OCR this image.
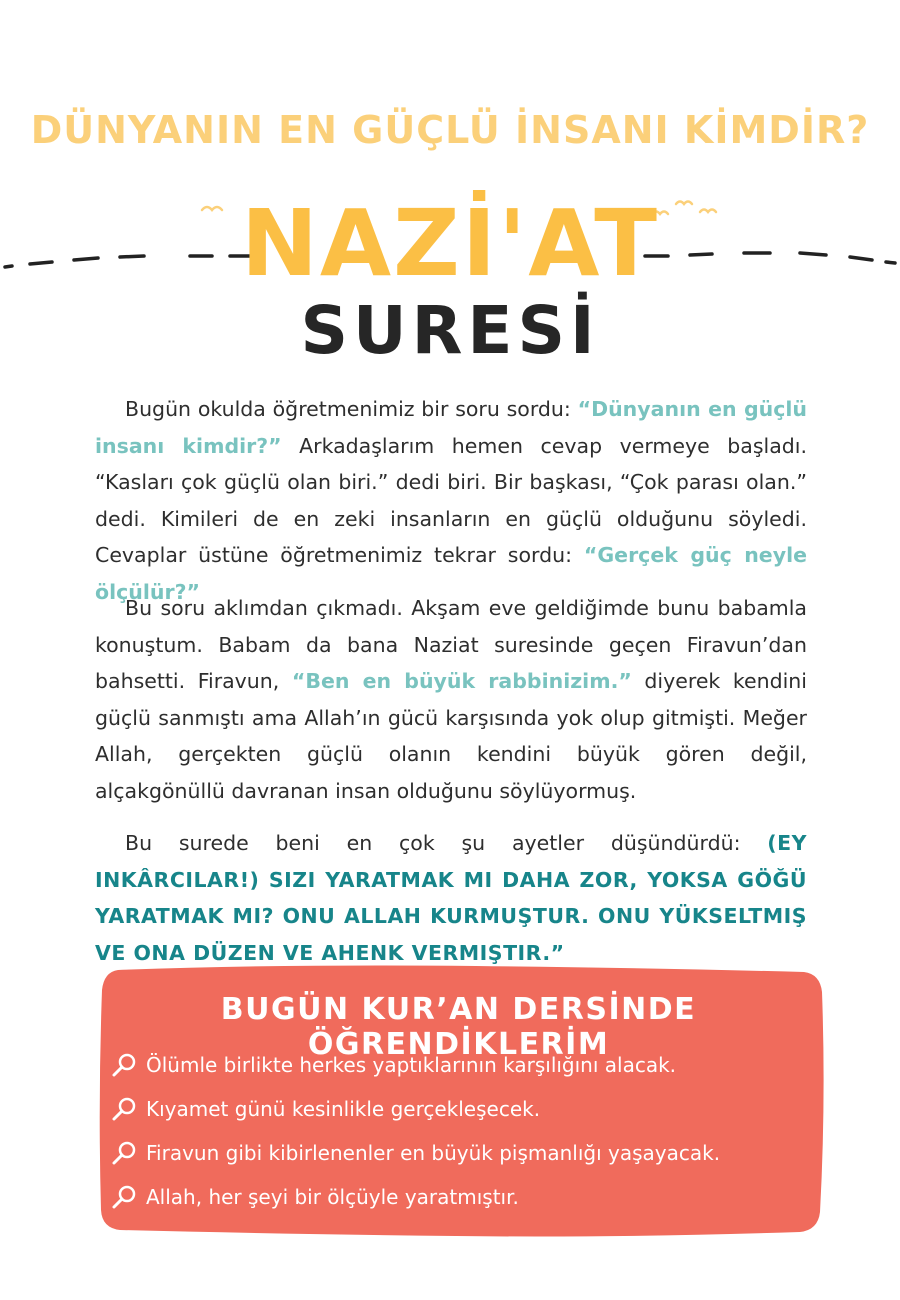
DÜNYANIN EN GÜÇLÜ İNSANI KİMDİR?
NAZİ'AT
SURESİ

Bugün okulda öğretmenimiz bir soru sordu: “Dünyanın en güçlü insanı kimdir?” Arkadaşlarım hemen cevap vermeye başladı. “Kasları çok güçlü olan biri.” dedi biri. Bir başkası, “Çok parası olan.” dedi. Kimileri de en zeki insanların en güçlü olduğunu söyledi. Cevaplar üstüne öğretmenimiz tekrar sordu: “Gerçek güç neyle ölçülür?”

Bu soru aklımdan çıkmadı. Akşam eve geldiğimde bunu babamla konuştum. Babam da bana Naziat suresinde geçen Firavun’dan bahsetti. Firavun, “Ben en büyük rabbinizim.” diyerek kendini güçlü sanmıştı ama Allah’ın gücü karşısında yok olup gitmişti. Meğer Allah, gerçekten güçlü olanın kendini büyük gören değil, alçakgönüllü davranan insan olduğunu söylüyormuş.

Bu surede beni en çok şu ayetler düşündürdü: (EY INKÂRCILAR!) SIZI YARATMAK MI DAHA ZOR, YOKSA GÖĞÜ YARATMAK MI? ONU ALLAH KURMUŞTUR. ONU YÜKSELTMIŞ VE ONA DÜZEN VE AHENK VERMIŞTIR.”

BUGÜN KUR’AN DERSİNDE ÖĞRENDİKLERİM
Ölümle birlikte herkes yaptıklarının karşılığını alacak.
Kıyamet günü kesinlikle gerçekleşecek.
Firavun gibi kibirlenenler en büyük pişmanlığı yaşayacak.
Allah, her şeyi bir ölçüyle yaratmıştır.
